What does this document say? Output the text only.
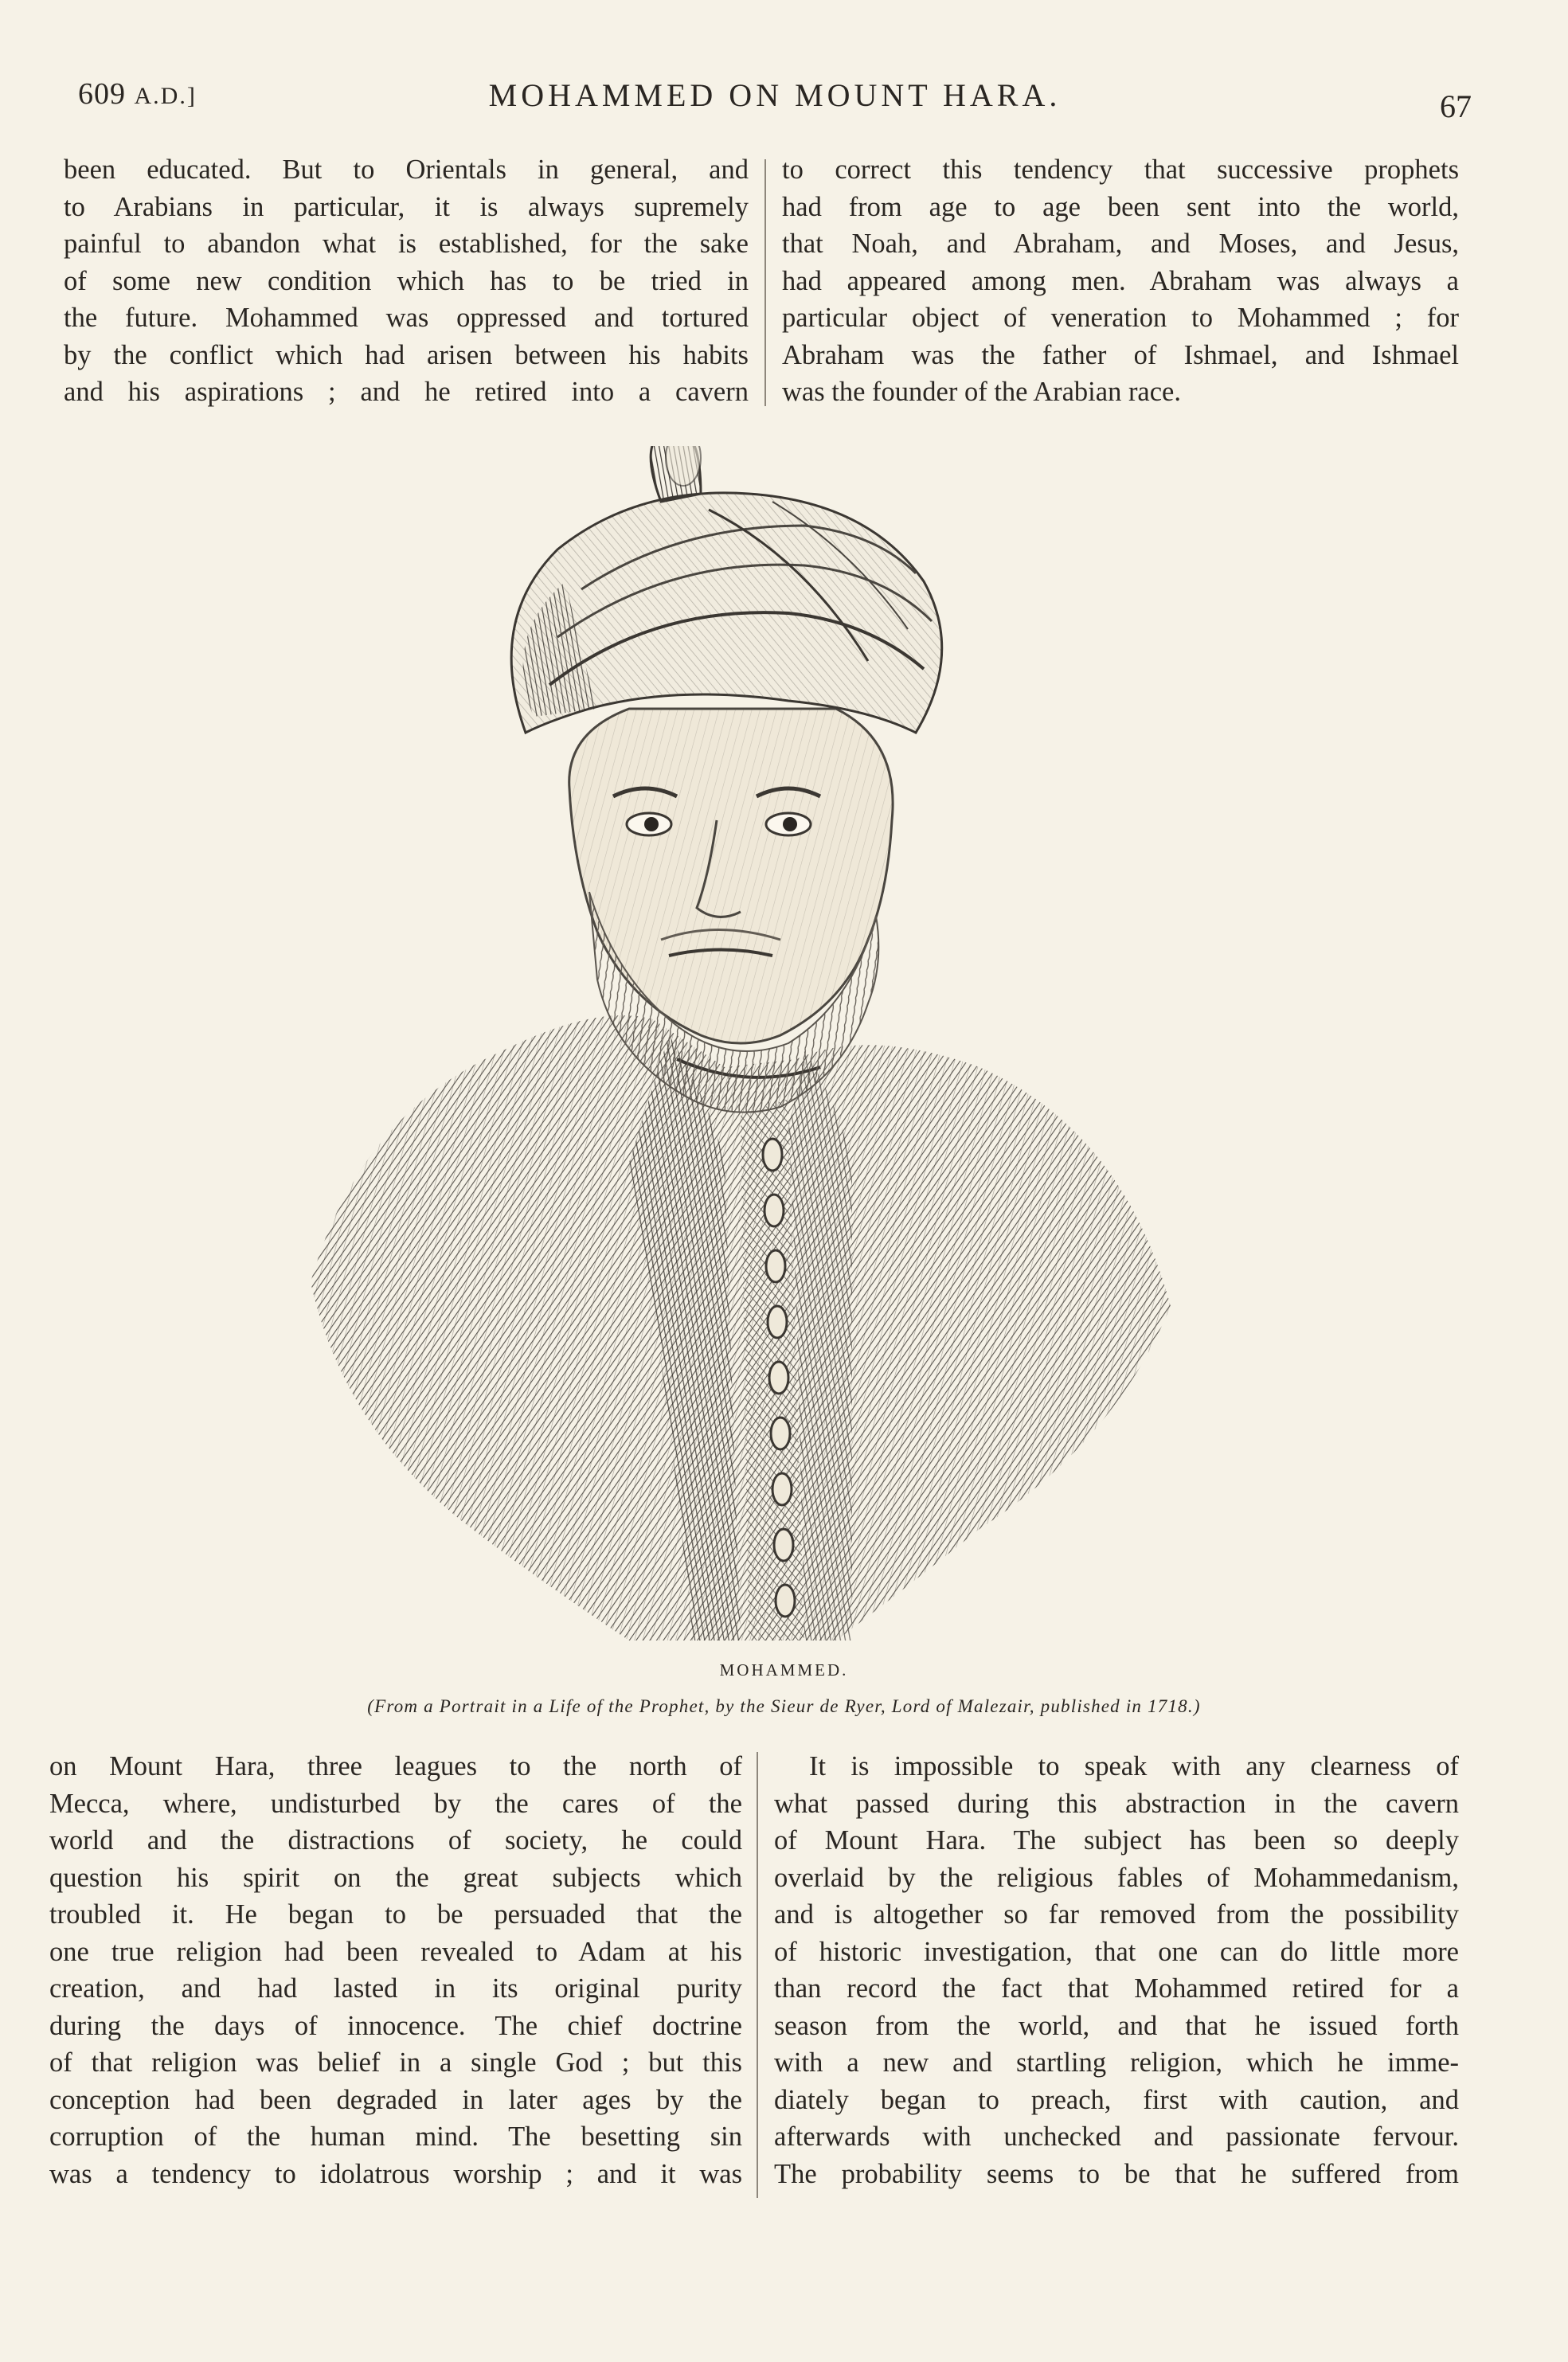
609 A.D.]	MOHAMMED ON MOUNT HARA.	67
been educated. But to Orientals in general, and
to Arabians in particular, it is always supremely
painful to abandon what is established, for the sake
of some new condition which has to be tried in
the future. Mohammed was oppressed and tortured
by the conflict which had arisen between his habits
and his aspirations ; and he retired into a cavern
to correct this tendency that successive prophets
had from age to age been sent into the world,
that Noah, and Abraham, and Moses, and Jesus,
had appeared among men. Abraham was always a
particular object of veneration to Mohammed ; for
Abraham was the father of Ishmael, and Ishmael
was the founder of the Arabian race.
MOHAMMED.
(From a Portrait in a Life of the Prophet, by the Sieur de Ryer, Lord of Malezair, published in 1718.)
on Mount Hara, three leagues to the north of
Mecca, where, undisturbed by the cares of the
world and the distractions of society, he could
question his spirit on the great subjects which
troubled it. He began to be persuaded that the
one true religion had been revealed to Adam at his
creation, and had lasted in its original purity
during the days of innocence. The chief doctrine
of that religion was belief in a single God ; but this
conception had been degraded in later ages by the
corruption of the human mind. The besetting sin
was a tendency to idolatrous worship ; and it was
It is impossible to speak with any clearness of
what passed during this abstraction in the cavern
of Mount Hara. The subject has been so deeply
overlaid by the religious fables of Mohammedanism,
and is altogether so far removed from the possibility
of historic investigation, that one can do little more
than record the fact that Mohammed retired for a
season from the world, and that he issued forth
with a new and startling religion, which he imme-
diately began to preach, first with caution, and
afterwards with unchecked and passionate fervour.
The probability seems to be that he suffered from
